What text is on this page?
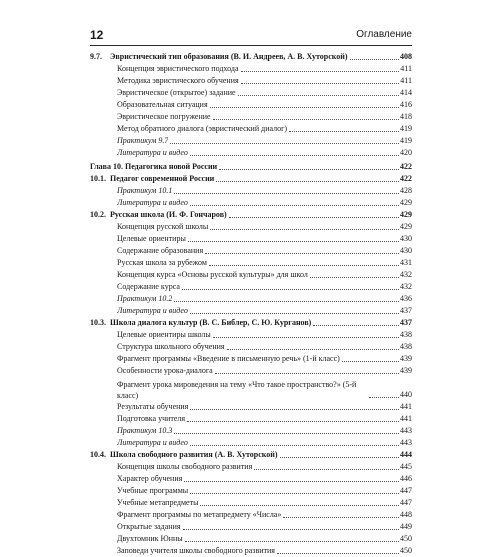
12	Оглавление
9.7.	Эвристический тип образования (В. И. Андреев, А. В. Хуторской)	408
Концепция эвристического подхода	411
Методика эвристического обучения	411
Эвристическое (открытое) задание	414
Образовательная ситуация	416
Эвристическое погружение	418
Метод обратного диалога (эвристический диалог)	419
Практикум 9.7	419
Литература и видео	420
Глава 10. Педагогика новой России	422
10.1. Педагог современной России	422
Практикум 10.1	428
Литература и видео	429
10.2. Русская школа (И. Ф. Гончаров)	429
Концепция русской школы	429
Целевые ориентиры	430
Содержание образования	430
Русская школа за рубежом	431
Концепция курса «Основы русской культуры» для школ	432
Содержание курса	432
Практикум 10.2	436
Литература и видео	437
10.3. Школа диалога культур (В. С. Библер, С. Ю. Курганов)	437
Целевые ориентиры школы	438
Структура школьного обучения	438
Фрагмент программы «Введение в письменную речь» (1-й класс)	439
Особенности урока-диалога	439
Фрагмент урока мироведения на тему «Что такое пространство?» (5-й класс)	440
Результаты обучения	441
Подготовка учителя	441
Практикум 10.3	443
Литература и видео	443
10.4. Школа свободного развития (А. В. Хуторской)	444
Концепция школы свободного развития	445
Характер обучения	446
Учебные программы	447
Учебные метапредметы	447
Фрагмент программы по метапредмету «Числа»	448
Открытые задания	449
Двухтомник Юнны	450
Заповеди учителя школы свободного развития	450
